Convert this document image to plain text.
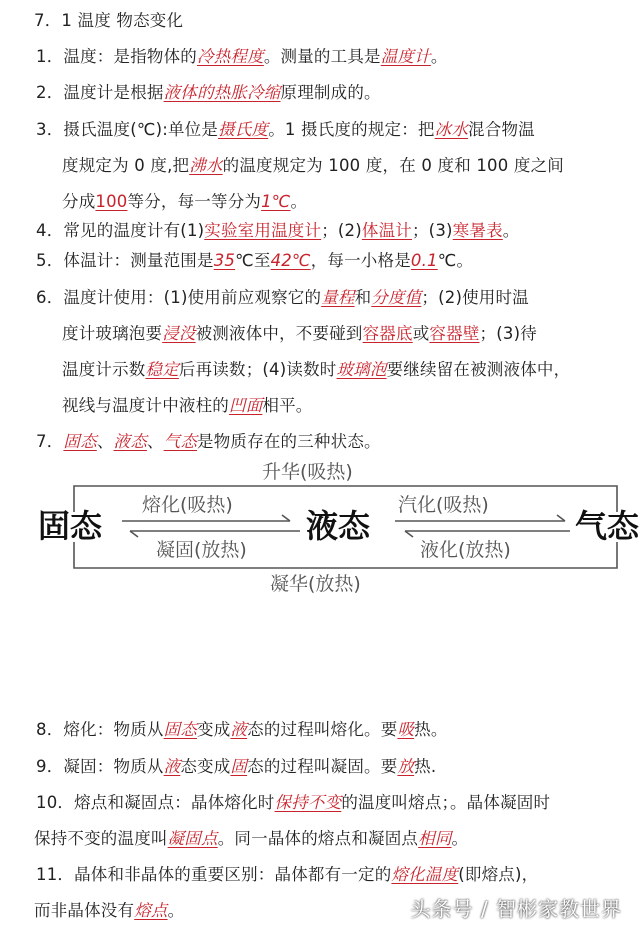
7．1 温度 物态变化
1．温度：是指物体的冷热程度。测量的工具是温度计。
2．温度计是根据液体的热胀冷缩原理制成的。
3．摄氏温度(℃):单位是摄氏度。1 摄氏度的规定：把冰水混合物温
度规定为 0 度,把沸水的温度规定为 100 度，在 0 度和 100 度之间
分成100等分，每一等分为1℃。
4．常见的温度计有(1)实验室用温度计；(2)体温计；(3)寒暑表。
5．体温计：测量范围是35℃至42℃，每一小格是0.1℃。
6．温度计使用：(1)使用前应观察它的量程和分度值；(2)使用时温
度计玻璃泡要浸没被测液体中，不要碰到容器底或容器壁；(3)待
温度计示数稳定后再读数；(4)读数时玻璃泡要继续留在被测液体中，
视线与温度计中液柱的凹面相平。
7．固态、液态、气态是物质存在的三种状态。
升华(吸热)
熔化(吸热)	汽化(吸热)
固态	液态	气态
凝固(放热)	液化(放热)
凝华(放热)
8．熔化：物质从固态变成液态的过程叫熔化。要吸热。
9．凝固：物质从液态变成固态的过程叫凝固。要放热.
10．熔点和凝固点：晶体熔化时保持不变的温度叫熔点；。晶体凝固时
保持不变的温度叫凝固点。同一晶体的熔点和凝固点相同。
11．晶体和非晶体的重要区别：晶体都有一定的熔化温度(即熔点)，
而非晶体没有熔点。	头条号 / 智彬家教世界
